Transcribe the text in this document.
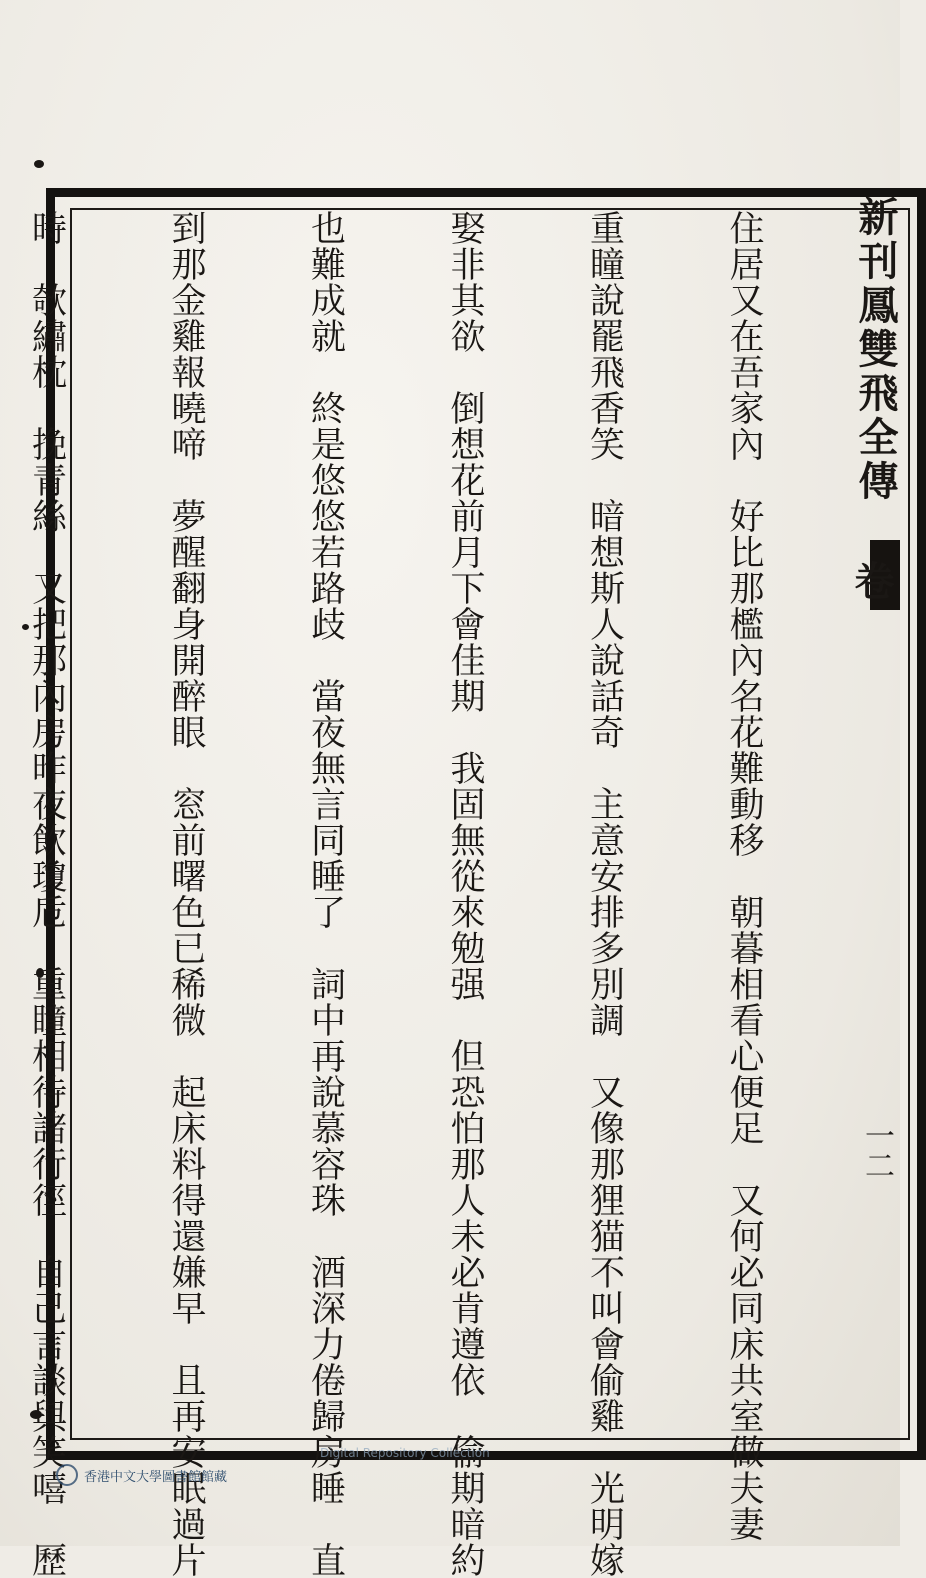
新刊鳳雙飛全傳
卷
一二

住居又在吾家內　好比那檻內名花難動移　朝暮相看心便足　又何必同床共室做夫妻

重瞳說罷飛香笑　暗想斯人說話奇　主意安排多別調　又像那狸猫不叫會偷雞　光明嫁

娶非其欲　倒想花前月下會佳期　我固無從來勉强　但恐怕那人未必肯遵依　偷期暗約

也難成就　終是悠悠若路歧　當夜無言同睡了　詞中再說慕容珠　酒深力倦歸房睡　直

到那金雞報曉啼　夢醒翻身開醉眼　窓前曙色已稀微　起床料得還嫌早　且再安眠過片

時　欹繡枕　挽青絲　又把那內房昨夜飲瓊卮　重瞳相待諸行徑　自己言談與笑嘻　歷

	Digital Repository Collection
香港中文大學圖書館館藏
